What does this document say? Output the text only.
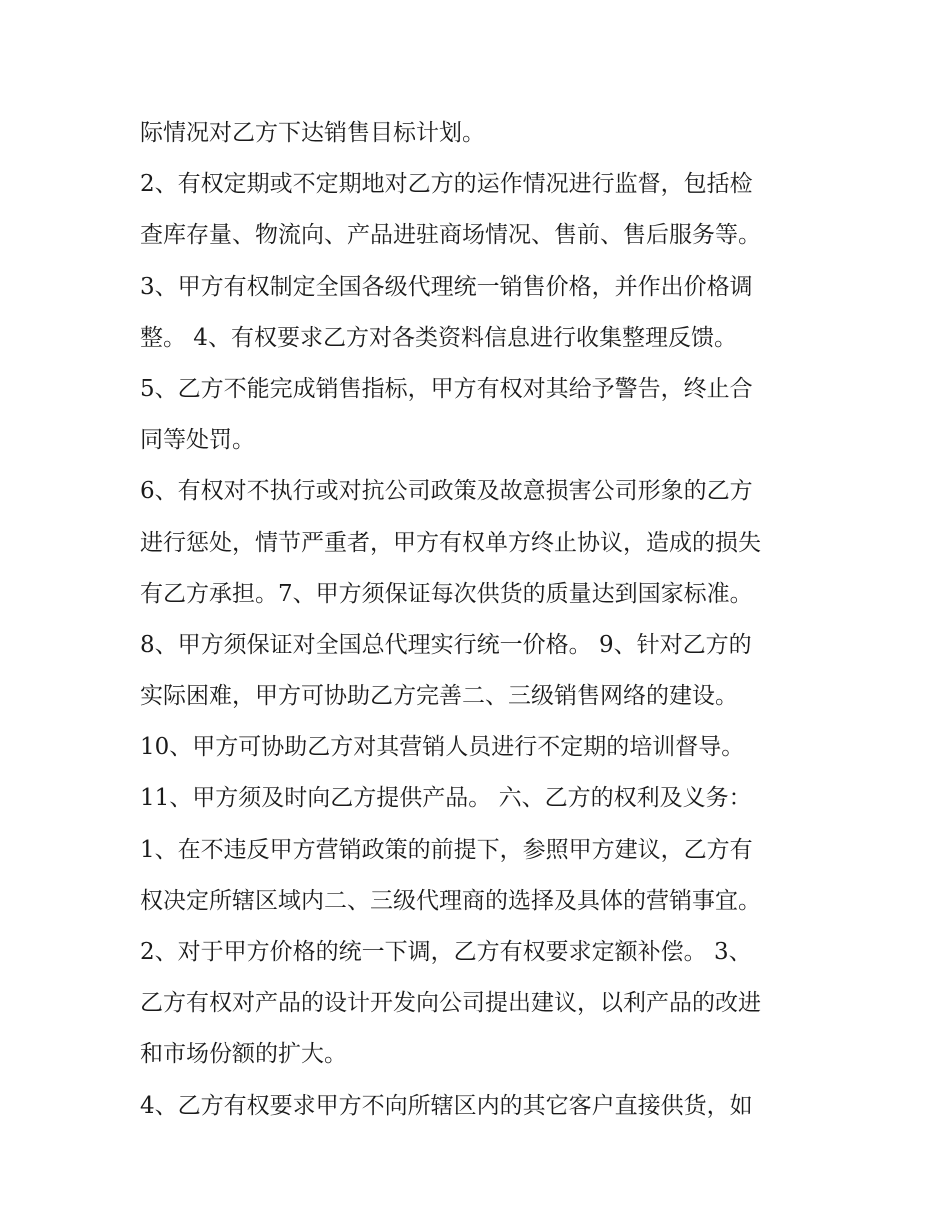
际情况对乙方下达销售目标计划。
2、有权定期或不定期地对乙方的运作情况进行监督，包括检
查库存量、物流向、产品进驻商场情况、售前、售后服务等。
3、甲方有权制定全国各级代理统一销售价格，并作出价格调
整。 4、有权要求乙方对各类资料信息进行收集整理反馈。
5、乙方不能完成销售指标，甲方有权对其给予警告，终止合
同等处罚。
6、有权对不执行或对抗公司政策及故意损害公司形象的乙方
进行惩处，情节严重者，甲方有权单方终止协议，造成的损失
有乙方承担。7、甲方须保证每次供货的质量达到国家标准。
8、甲方须保证对全国总代理实行统一价格。 9、针对乙方的
实际困难，甲方可协助乙方完善二、三级销售网络的建设。
10、甲方可协助乙方对其营销人员进行不定期的培训督导。
11、甲方须及时向乙方提供产品。 六、乙方的权利及义务：
1、在不违反甲方营销政策的前提下，参照甲方建议，乙方有
权决定所辖区域内二、三级代理商的选择及具体的营销事宜。
2、对于甲方价格的统一下调，乙方有权要求定额补偿。 3、
乙方有权对产品的设计开发向公司提出建议，以利产品的改进
和市场份额的扩大。
4、乙方有权要求甲方不向所辖区内的其它客户直接供货，如
